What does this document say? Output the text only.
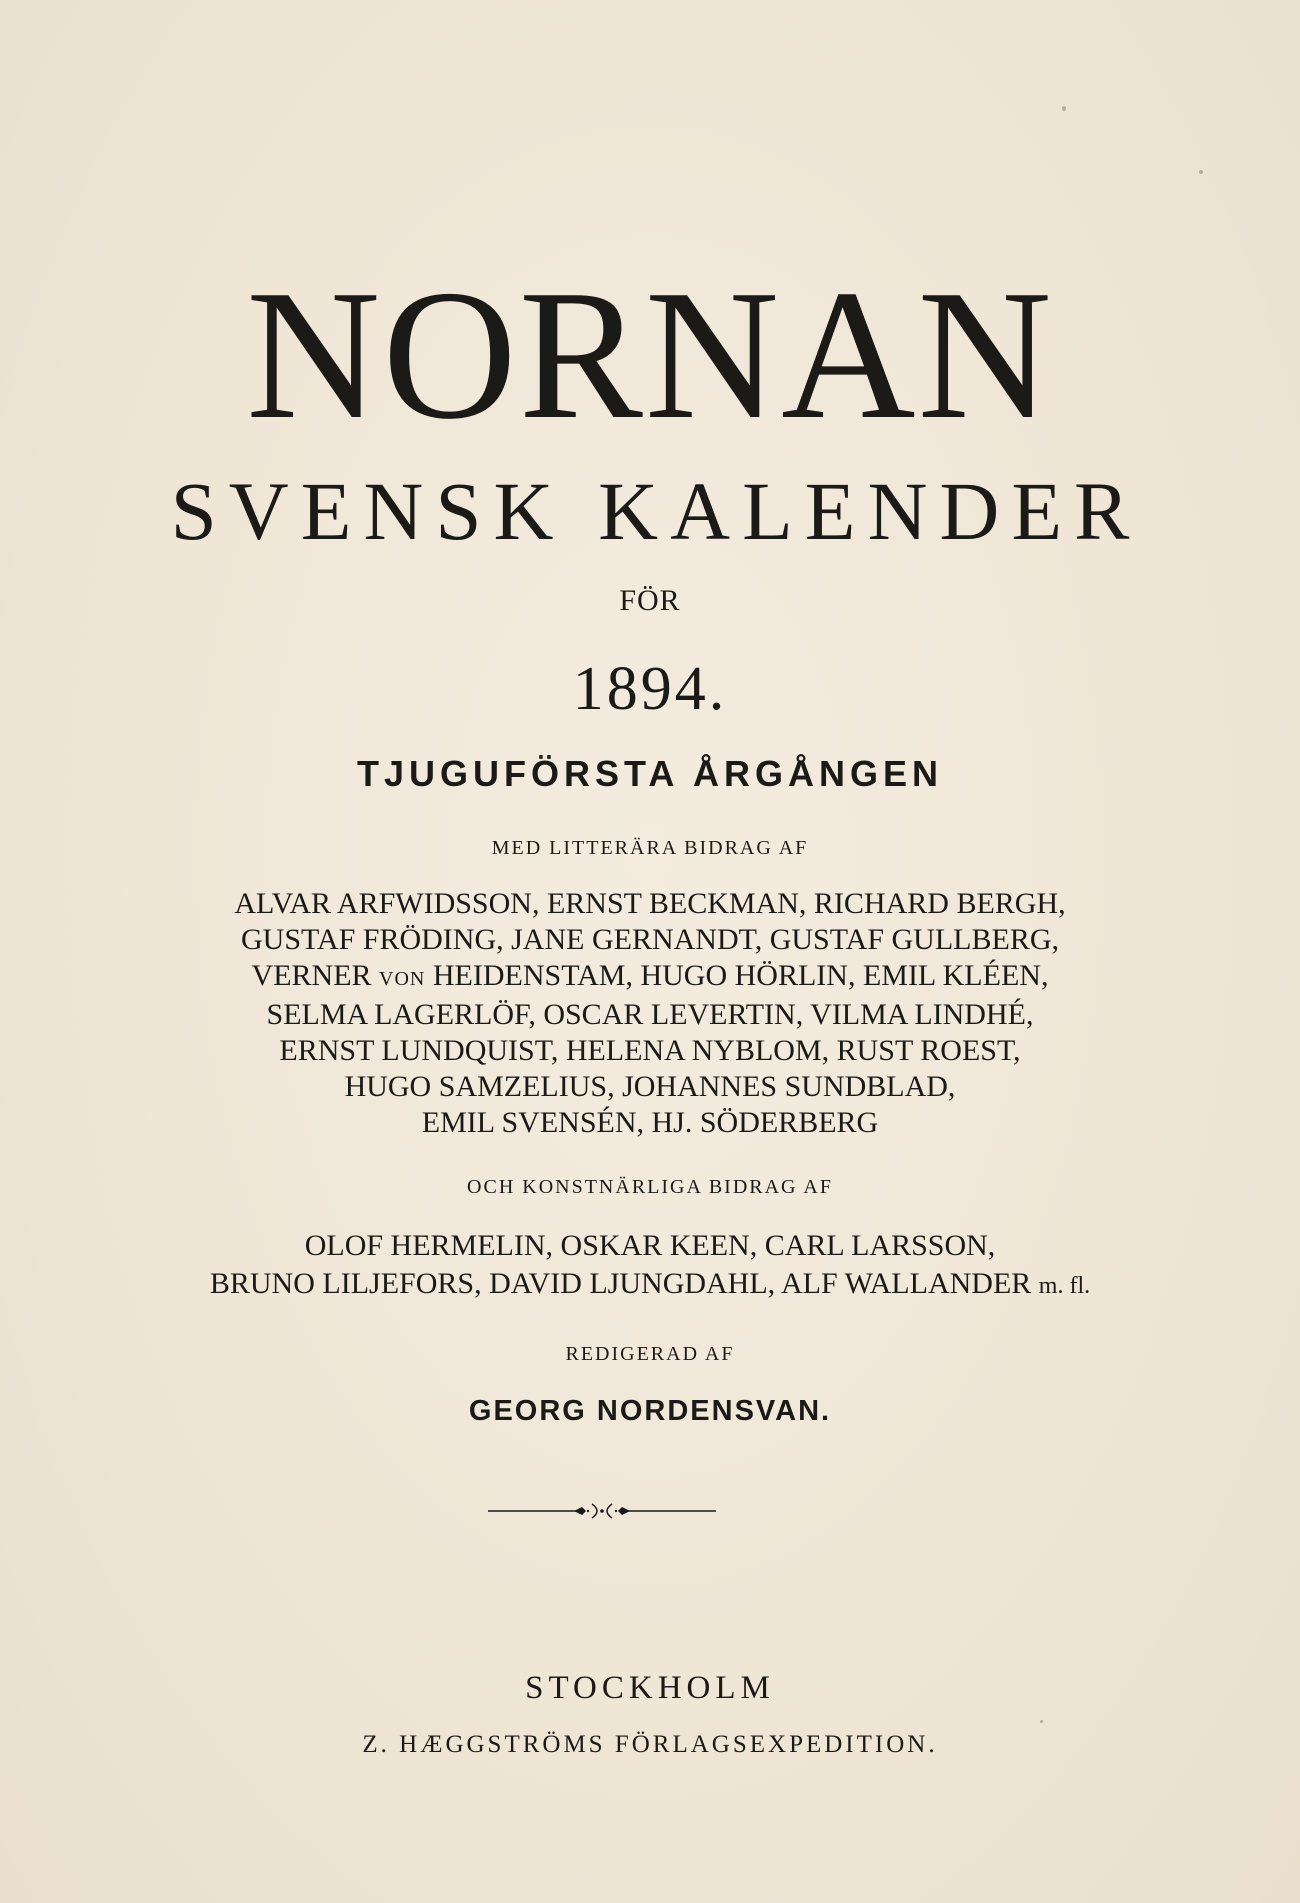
NORNAN
SVENSK KALENDER
FÖR
1894.
TJUGUFÖRSTA ÅRGÅNGEN
MED LITTERÄRA BIDRAG AF
ALVAR ARFWIDSSON, ERNST BECKMAN, RICHARD BERGH,
GUSTAF FRÖDING, JANE GERNANDT, GUSTAF GULLBERG,
VERNER VON HEIDENSTAM, HUGO HÖRLIN, EMIL KLÉEN,
SELMA LAGERLÖF, OSCAR LEVERTIN, VILMA LINDHÉ,
ERNST LUNDQUIST, HELENA NYBLOM, RUST ROEST,
HUGO SAMZELIUS, JOHANNES SUNDBLAD,
EMIL SVENSÉN, HJ. SÖDERBERG
OCH KONSTNÄRLIGA BIDRAG AF
OLOF HERMELIN, OSKAR KEEN, CARL LARSSON,
BRUNO LILJEFORS, DAVID LJUNGDAHL, ALF WALLANDER m. fl.
REDIGERAD AF
GEORG NORDENSVAN.
STOCKHOLM
Z. HÆGGSTRÖMS FÖRLAGSEXPEDITION.
